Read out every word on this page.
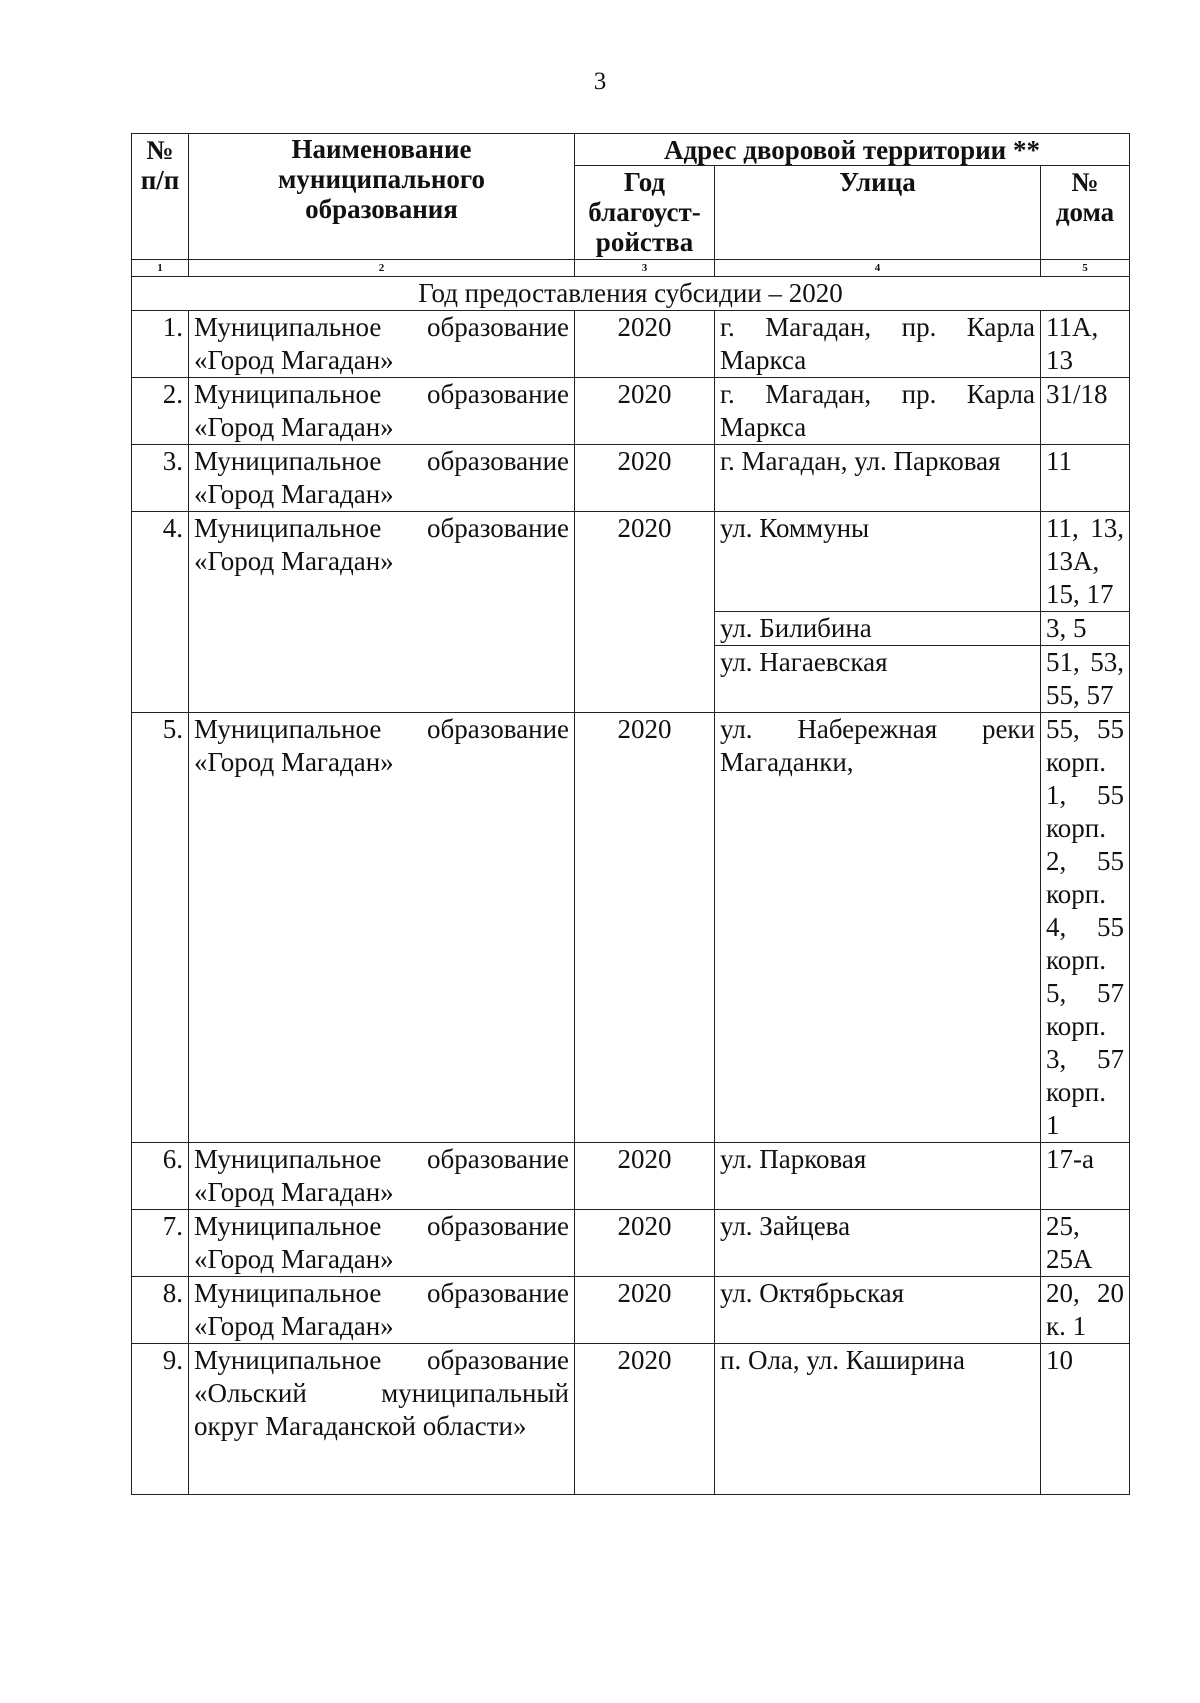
3
№ п/п	Наименование муниципального образования	Адрес дворовой территории **		
		Год благоуст-ройства	Улица	№ дома
1	2	3	4	5
Год предоставления субсидии – 2020				
1.	Муниципальное образование «Город Магадан»	2020	г. Магадан, пр. Карла Маркса	11А, 13
2.	Муниципальное образование «Город Магадан»	2020	г. Магадан, пр. Карла Маркса	31/18
3.	Муниципальное образование «Город Магадан»	2020	г. Магадан, ул. Парковая	11
4.	Муниципальное образование «Город Магадан»	2020	ул. Коммуны	11, 13, 13А, 15, 17
			ул. Билибина	3, 5
			ул. Нагаевская	51, 53, 55, 57
5.	Муниципальное образование «Город Магадан»	2020	ул. Набережная реки Магаданки,	55, 55 корп. 1, 55 корп. 2, 55 корп. 4, 55 корп. 5, 57 корп. 3, 57 корп. 1
6.	Муниципальное образование «Город Магадан»	2020	ул. Парковая	17-а
7.	Муниципальное образование «Город Магадан»	2020	ул. Зайцева	25, 25А
8.	Муниципальное образование «Город Магадан»	2020	ул. Октябрьская	20, 20 к. 1
9.	Муниципальное образование «Ольский муниципальный округ Магаданской области»	2020	п. Ола, ул. Каширина	10
